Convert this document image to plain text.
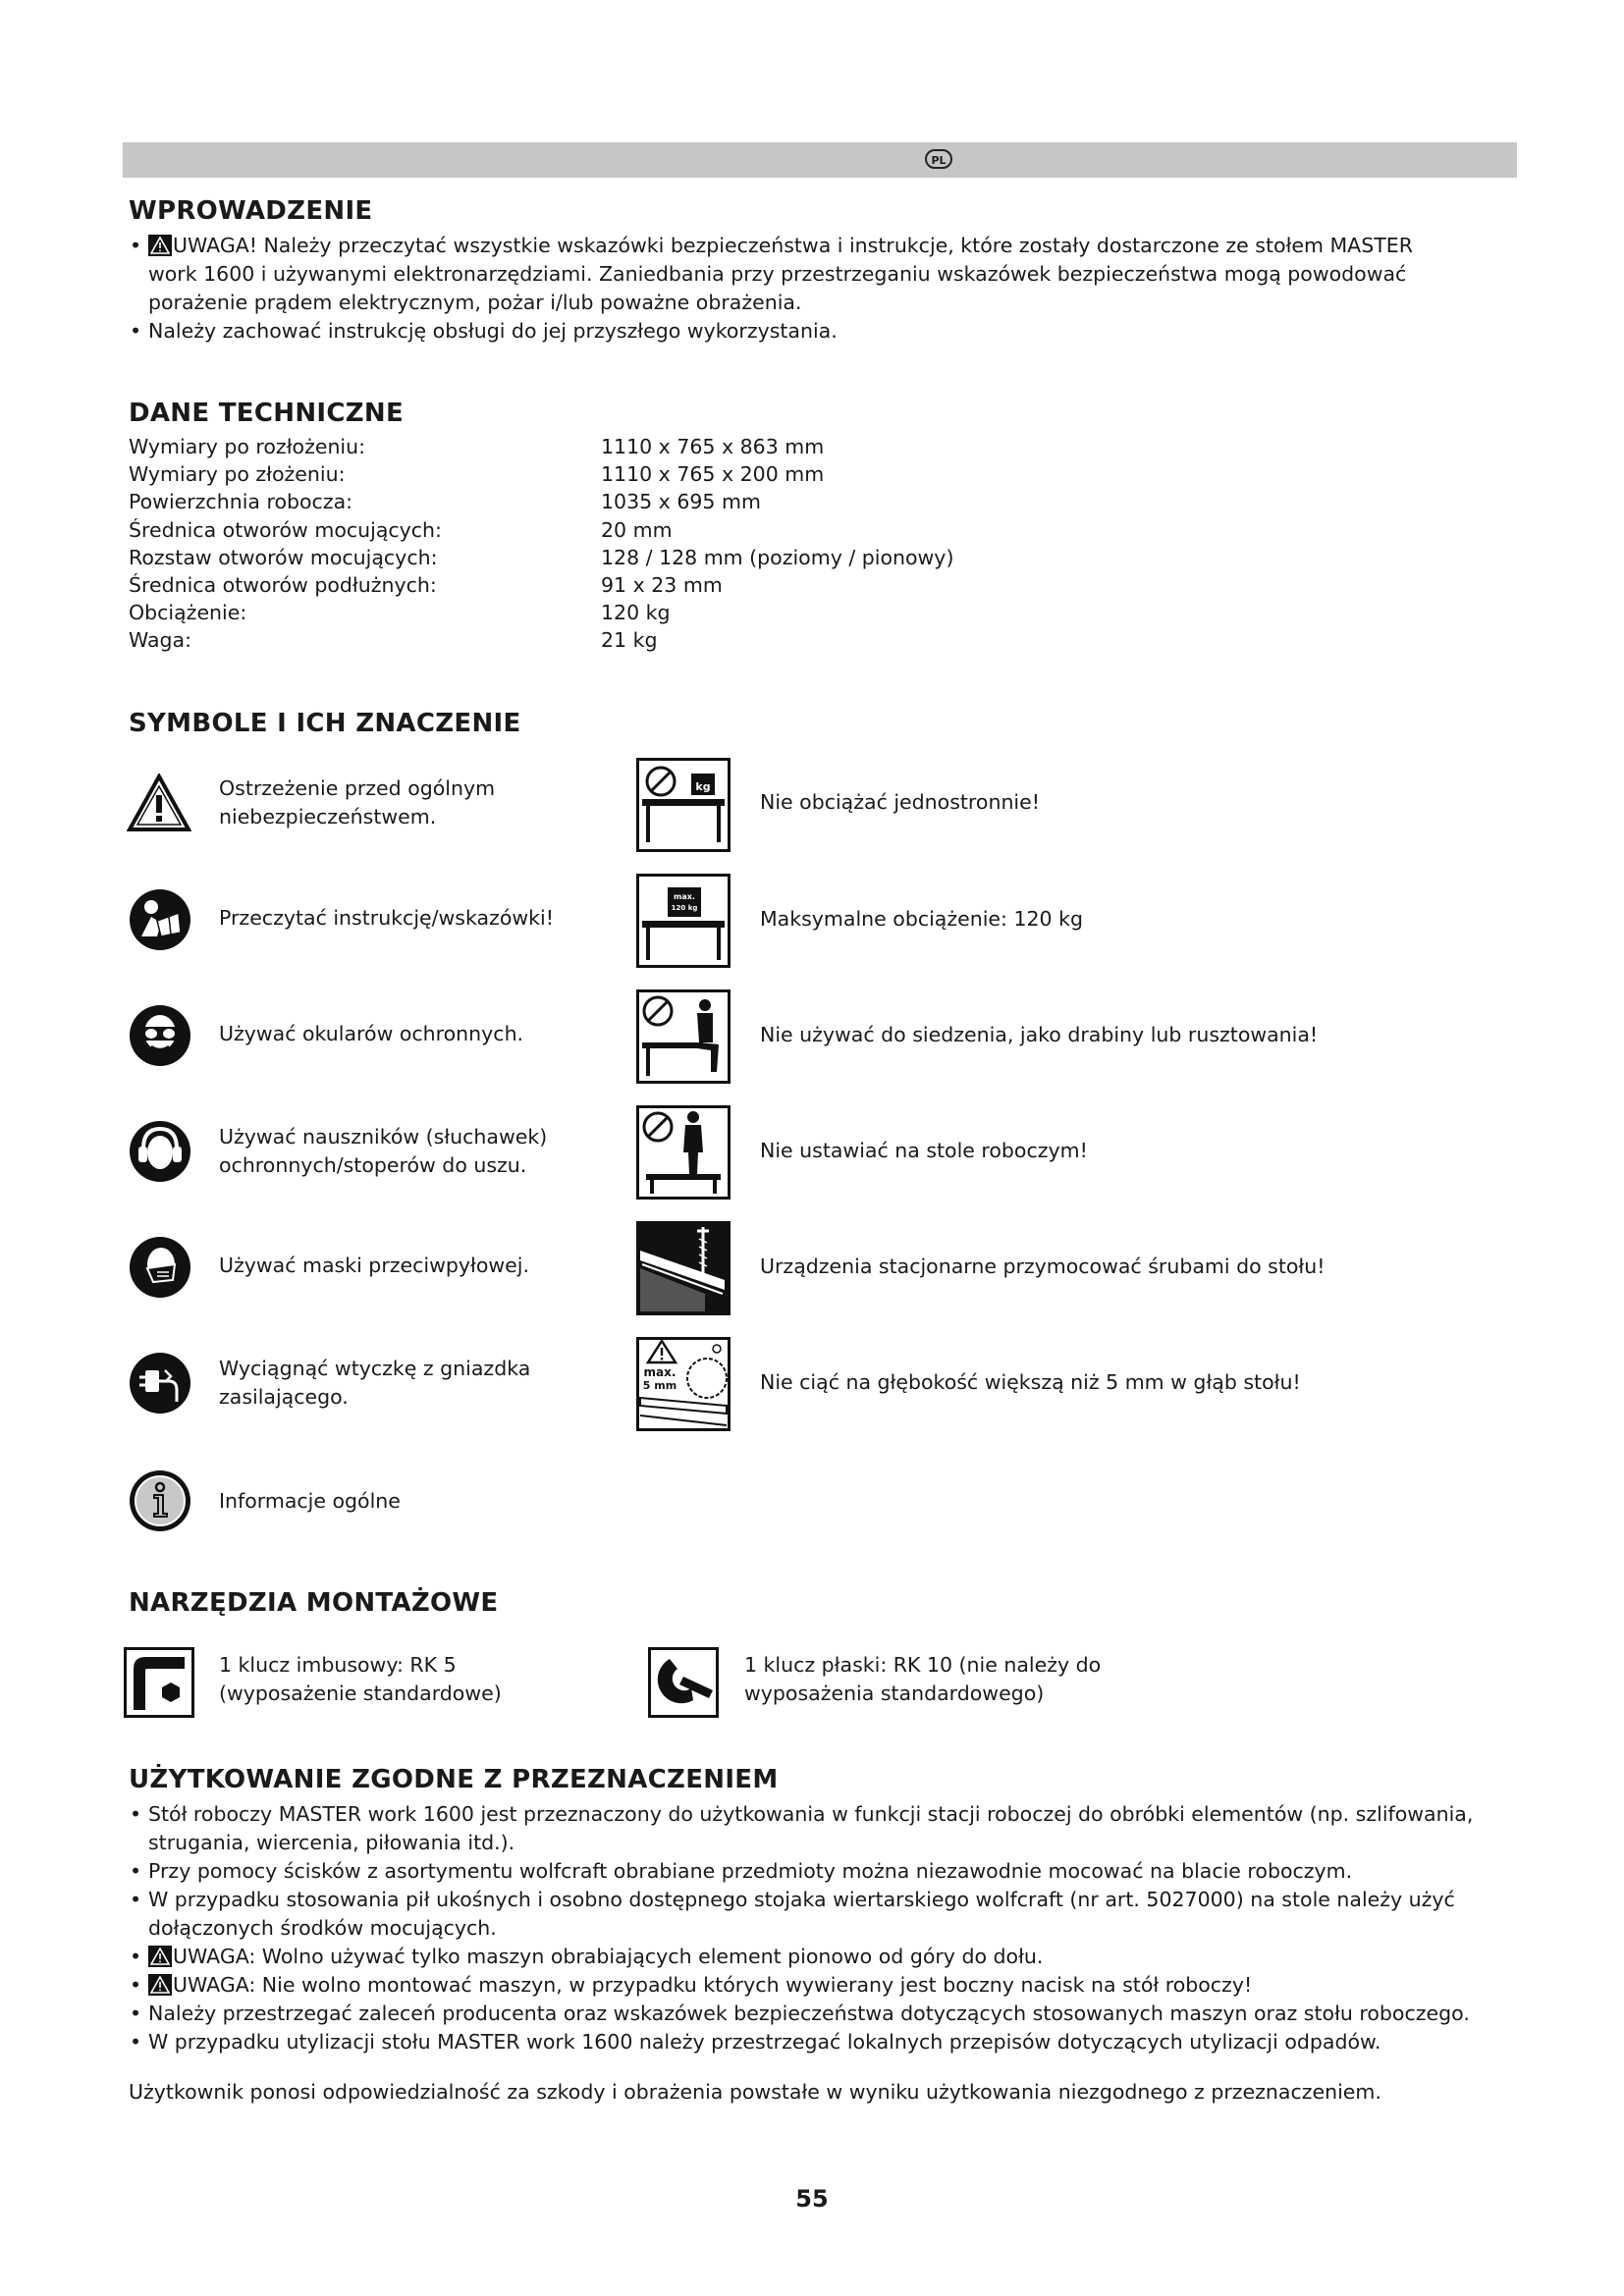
PL
WPROWADZENIE
• UWAGA! Należy przeczytać wszystkie wskazówki bezpieczeństwa i instrukcje, które zostały dostarczone ze stołem MASTER work 1600 i używanymi elektronarzędziami. Zaniedbania przy przestrzeganiu wskazówek bezpieczeństwa mogą powodować porażenie prądem elektrycznym, pożar i/lub poważne obrażenia.
• Należy zachować instrukcję obsługi do jej przyszłego wykorzystania.
DANE TECHNICZNE
Wymiary po rozłożeniu:	1110 x 765 x 863 mm
Wymiary po złożeniu:	1110 x 765 x 200 mm
Powierzchnia robocza:	1035 x 695 mm
Średnica otworów mocujących:	20 mm
Rozstaw otworów mocujących:	128 / 128 mm (poziomy / pionowy)
Średnica otworów podłużnych:	91 x 23 mm
Obciążenie:	120 kg
Waga:	21 kg
SYMBOLE I ICH ZNACZENIE
Ostrzeżenie przed ogólnym niebezpieczeństwem.
Przeczytać instrukcję/wskazówki!
Używać okularów ochronnych.
Używać nauszników (słuchawek) ochronnych/stoperów do uszu.
Używać maski przeciwpyłowej.
Wyciągnąć wtyczkę z gniazdka zasilającego.
Informacje ogólne
kg
max.
120 kg
max.
5 mm
Nie obciążać jednostronnie!
Maksymalne obciążenie: 120 kg
Nie używać do siedzenia, jako drabiny lub rusztowania!
Nie ustawiać na stole roboczym!
Urządzenia stacjonarne przymocować śrubami do stołu!
Nie ciąć na głębokość większą niż 5 mm w głąb stołu!
NARZĘDZIA MONTAŻOWE
1 klucz imbusowy: RK 5 (wyposażenie standardowe)
1 klucz płaski: RK 10 (nie należy do wyposażenia standardowego)
UŻYTKOWANIE ZGODNE Z PRZEZNACZENIEM
• Stół roboczy MASTER work 1600 jest przeznaczony do użytkowania w funkcji stacji roboczej do obróbki elementów (np. szlifowania, strugania, wiercenia, piłowania itd.).
• Przy pomocy ścisków z asortymentu wolfcraft obrabiane przedmioty można niezawodnie mocować na blacie roboczym.
• W przypadku stosowania pił ukośnych i osobno dostępnego stojaka wiertarskiego wolfcraft (nr art. 5027000) na stole należy użyć dołączonych środków mocujących.
• UWAGA: Wolno używać tylko maszyn obrabiających element pionowo od góry do dołu.
• UWAGA: Nie wolno montować maszyn, w przypadku których wywierany jest boczny nacisk na stół roboczy!
• Należy przestrzegać zaleceń producenta oraz wskazówek bezpieczeństwa dotyczących stosowanych maszyn oraz stołu roboczego.
• W przypadku utylizacji stołu MASTER work 1600 należy przestrzegać lokalnych przepisów dotyczących utylizacji odpadów.

Użytkownik ponosi odpowiedzialność za szkody i obrażenia powstałe w wyniku użytkowania niezgodnego z przeznaczeniem.

55
